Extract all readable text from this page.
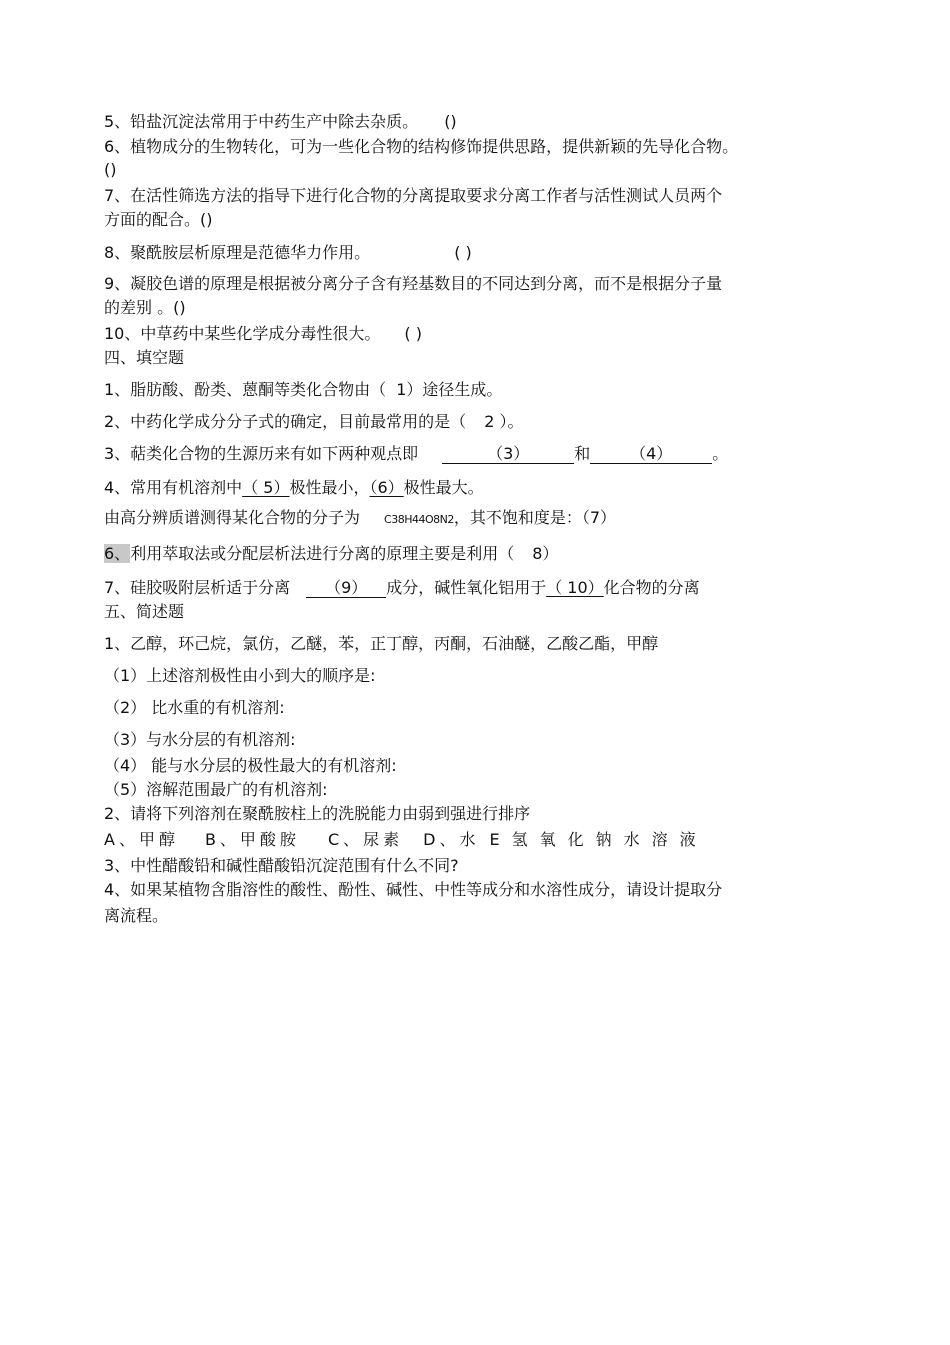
5、铅盐沉淀法常用于中药生产中除去杂质。 ()
6、植物成分的生物转化，可为一些化合物的结构修饰提供思路，提供新颖的先导化合物。
()
7、在活性筛选方法的指导下进行化合物的分离提取要求分离工作者与活性测试人员两个
方面的配合。()
8、聚酰胺层析原理是范德华力作用。	( )
9、凝胶色谱的原理是根据被分离分子含有羟基数目的不同达到分离，而不是根据分子量
的差别 。()
10、中草药中某些化学成分毒性很大。 ( )
四、填空题
1、脂肪酸、酚类、蒽酮等类化合物由（ 1）途径生成。
2、中药化学成分分子式的确定，目前最常用的是（ 2 ）。
3、萜类化合物的生源历来有如下两种观点即	（3）	和 （4） 。
4、常用有机溶剂中（ 5）极性最小，（6）极性最大。
由高分辨质谱测得某化合物的分子为 C38H44O8N2，其不饱和度是：（7）
6、利用萃取法或分配层析法进行分离的原理主要是利用（ 8）
7、硅胶吸附层析适于分离 （9） 成分，碱性氧化铝用于（ 10）化合物的分离
五、简述题
1、乙醇，环己烷，氯仿，乙醚，苯，正丁醇，丙酮，石油醚，乙酸乙酯，甲醇
（1）上述溶剂极性由小到大的顺序是:
（2） 比水重的有机溶剂:
（3）与水分层的有机溶剂:
（4） 能与水分层的极性最大的有机溶剂:
（5）溶解范围最广的有机溶剂:
2、请将下列溶剂在聚酰胺柱上的洗脱能力由弱到强进行排序
A、甲醇 B、甲酸胺 C、尿素 D、水 E氢氧化钠水溶液
3、中性醋酸铅和碱性醋酸铅沉淀范围有什么不同?
4、如果某植物含脂溶性的酸性、酚性、碱性、中性等成分和水溶性成分，请设计提取分
离流程。
